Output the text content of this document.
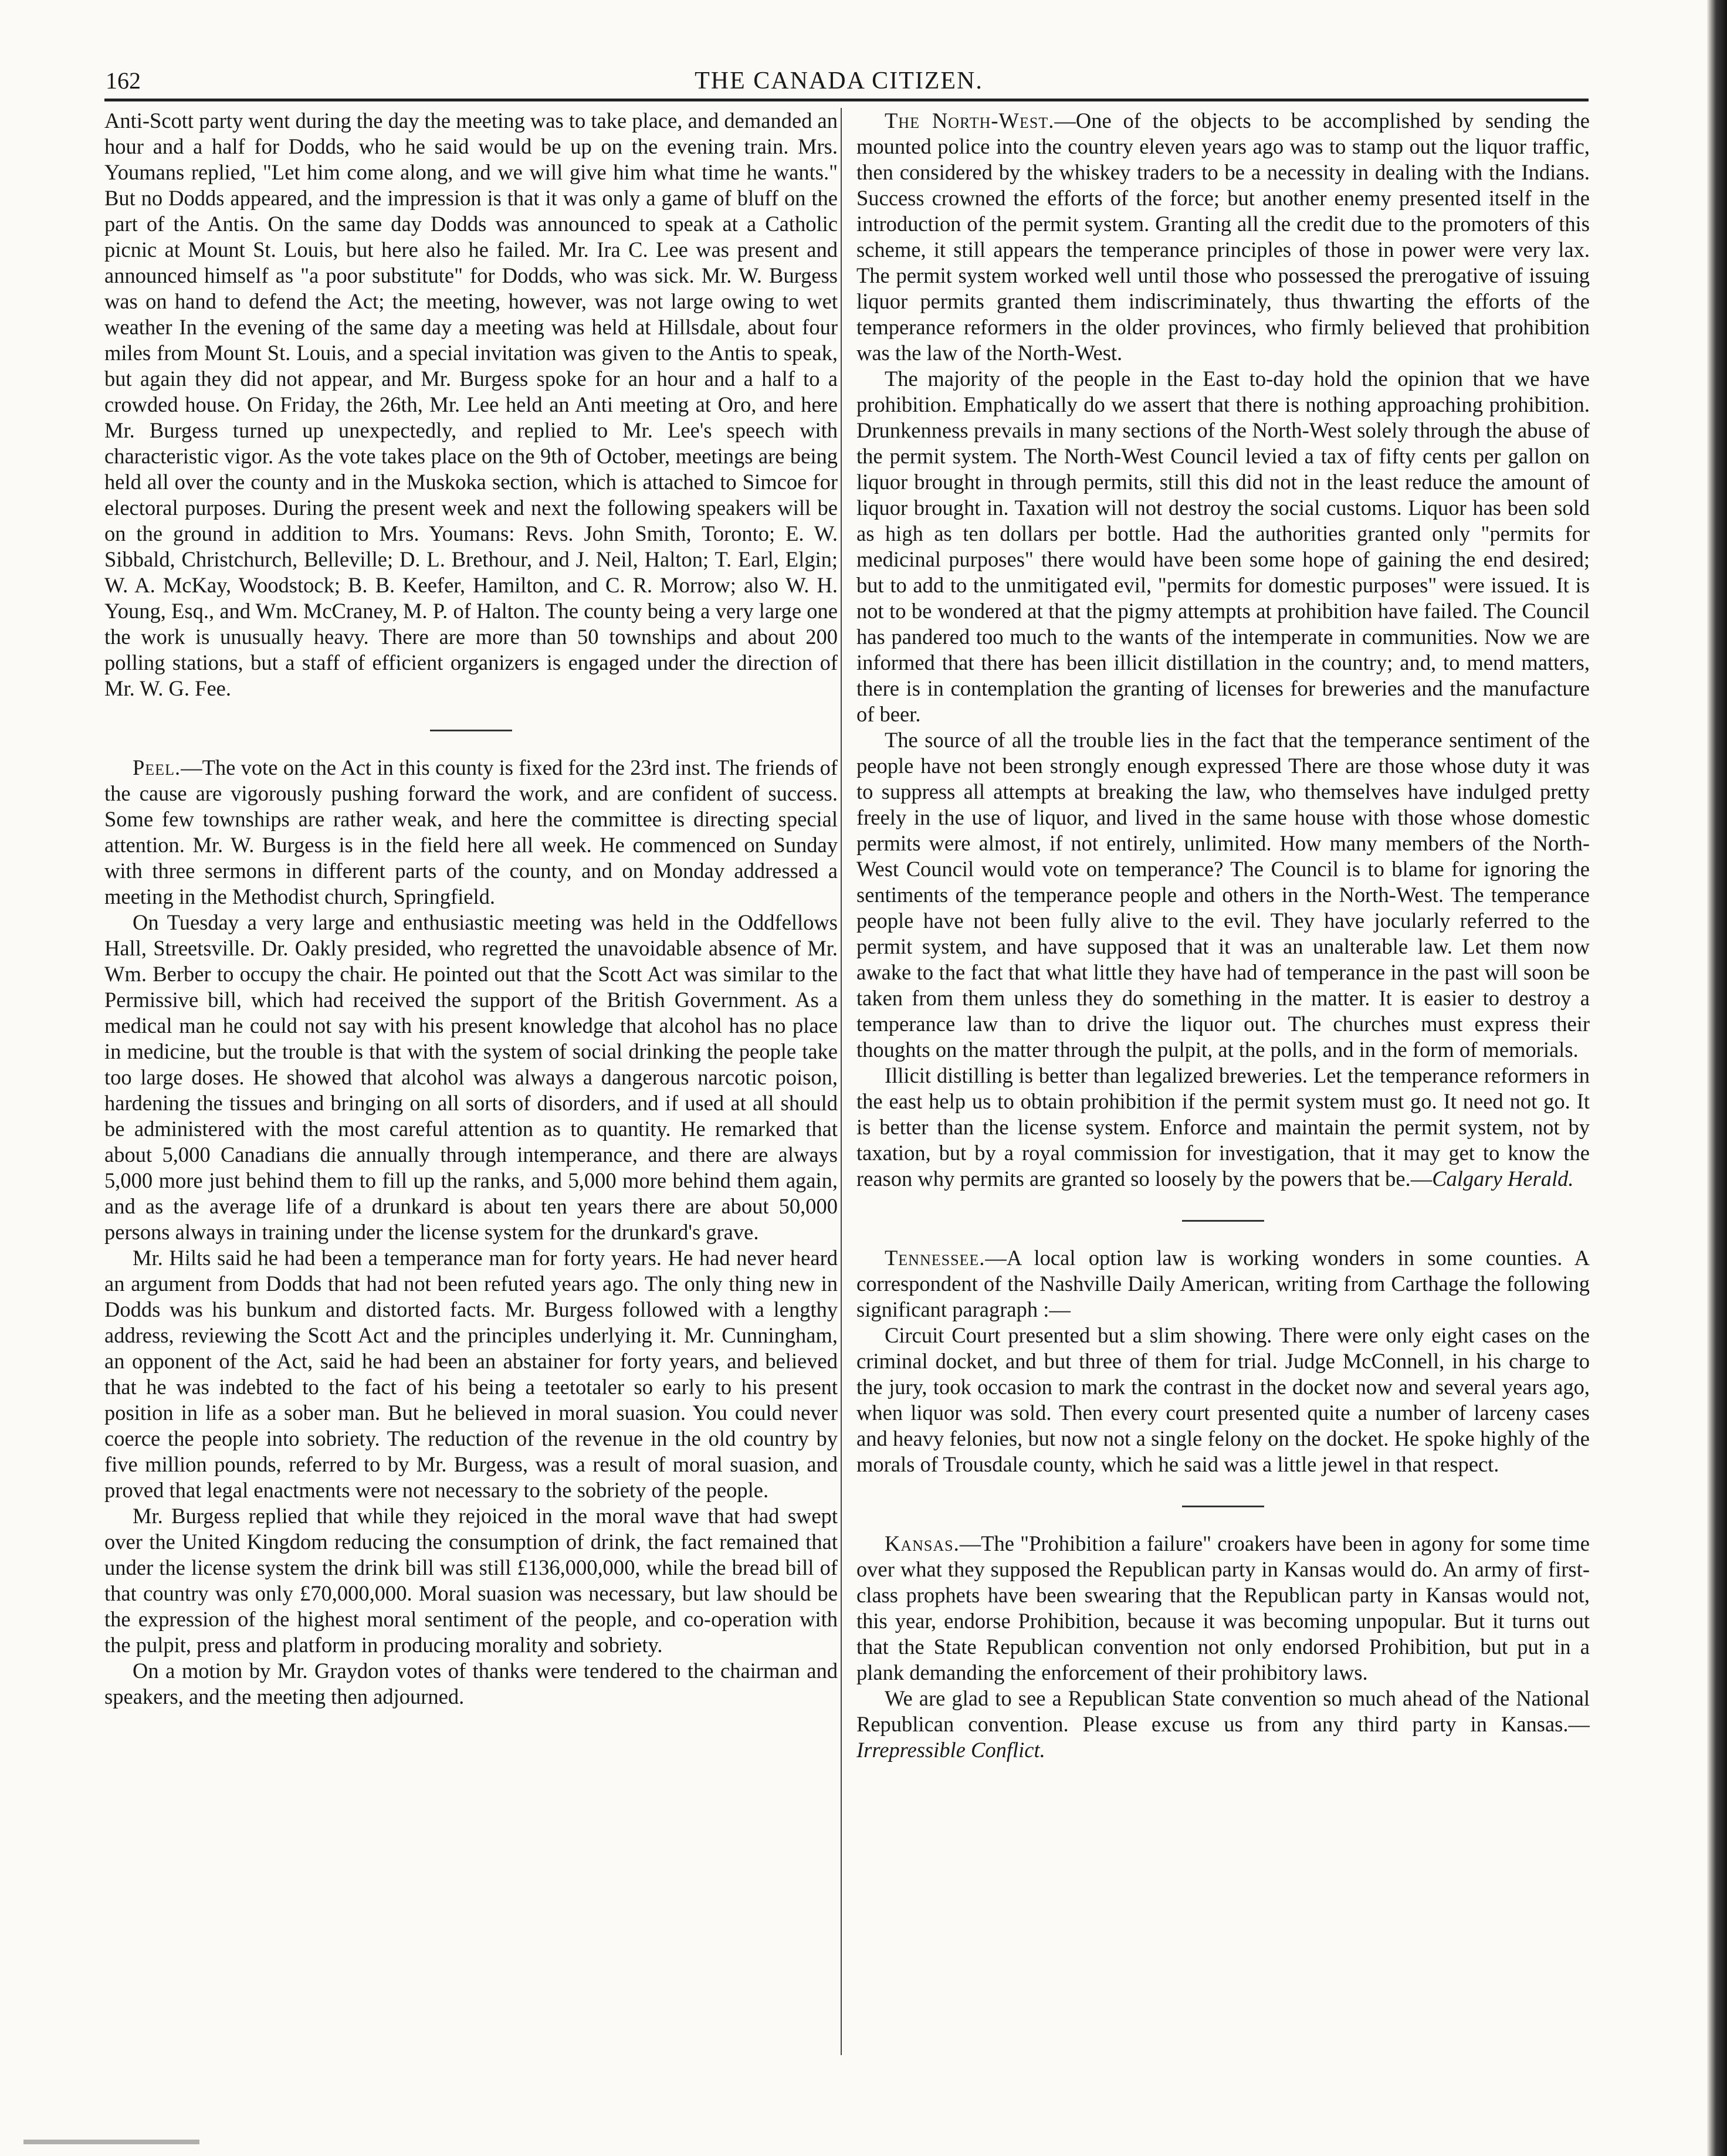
162	THE CANADA CITIZEN.

Anti-Scott party went during the day the meeting was to take place, and demanded an hour and a half for Dodds, who he said would be up on the evening train. Mrs. Youmans replied, "Let him come along, and we will give him what time he wants." But no Dodds appeared, and the impression is that it was only a game of bluff on the part of the Antis. On the same day Dodds was announced to speak at a Catholic picnic at Mount St. Louis, but here also he failed. Mr. Ira C. Lee was present and announced himself as "a poor substitute" for Dodds, who was sick. Mr. W. Burgess was on hand to defend the Act; the meeting, however, was not large owing to wet weather In the evening of the same day a meeting was held at Hillsdale, about four miles from Mount St. Louis, and a special invitation was given to the Antis to speak, but again they did not appear, and Mr. Burgess spoke for an hour and a half to a crowded house. On Friday, the 26th, Mr. Lee held an Anti meeting at Oro, and here Mr. Burgess turned up unexpectedly, and replied to Mr. Lee's speech with characteristic vigor. As the vote takes place on the 9th of October, meetings are being held all over the county and in the Muskoka section, which is attached to Simcoe for electoral purposes. During the present week and next the following speakers will be on the ground in addition to Mrs. Youmans: Revs. John Smith, Toronto; E. W. Sibbald, Christchurch, Belleville; D. L. Brethour, and J. Neil, Halton; T. Earl, Elgin; W. A. McKay, Woodstock; B. B. Keefer, Hamilton, and C. R. Morrow; also W. H. Young, Esq., and Wm. McCraney, M. P. of Halton. The county being a very large one the work is unusually heavy. There are more than 50 townships and about 200 polling stations, but a staff of efficient organizers is engaged under the direction of Mr. W. G. Fee.

Peel.—The vote on the Act in this county is fixed for the 23rd inst. The friends of the cause are vigorously pushing forward the work, and are confident of success. Some few townships are rather weak, and here the committee is directing special attention. Mr. W. Burgess is in the field here all week. He commenced on Sunday with three sermons in different parts of the county, and on Monday addressed a meeting in the Methodist church, Springfield.

On Tuesday a very large and enthusiastic meeting was held in the Oddfellows Hall, Streetsville. Dr. Oakly presided, who regretted the unavoidable absence of Mr. Wm. Berber to occupy the chair. He pointed out that the Scott Act was similar to the Permissive bill, which had received the support of the British Government. As a medical man he could not say with his present knowledge that alcohol has no place in medicine, but the trouble is that with the system of social drinking the people take too large doses. He showed that alcohol was always a dangerous narcotic poison, hardening the tissues and bringing on all sorts of disorders, and if used at all should be administered with the most careful attention as to quantity. He remarked that about 5,000 Canadians die annually through intemperance, and there are always 5,000 more just behind them to fill up the ranks, and 5,000 more behind them again, and as the average life of a drunkard is about ten years there are about 50,000 persons always in training under the license system for the drunkard's grave.

Mr. Hilts said he had been a temperance man for forty years. He had never heard an argument from Dodds that had not been refuted years ago. The only thing new in Dodds was his bunkum and distorted facts. Mr. Burgess followed with a lengthy address, reviewing the Scott Act and the principles underlying it. Mr. Cunningham, an opponent of the Act, said he had been an abstainer for forty years, and believed that he was indebted to the fact of his being a teetotaler so early to his present position in life as a sober man. But he believed in moral suasion. You could never coerce the people into sobriety. The reduction of the revenue in the old country by five million pounds, referred to by Mr. Burgess, was a result of moral suasion, and proved that legal enactments were not necessary to the sobriety of the people.

Mr. Burgess replied that while they rejoiced in the moral wave that had swept over the United Kingdom reducing the consumption of drink, the fact remained that under the license system the drink bill was still £136,000,000, while the bread bill of that country was only £70,000,000. Moral suasion was necessary, but law should be the expression of the highest moral sentiment of the people, and co-operation with the pulpit, press and platform in producing morality and sobriety.

On a motion by Mr. Graydon votes of thanks were tendered to the chairman and speakers, and the meeting then adjourned.

The North-West.—One of the objects to be accomplished by sending the mounted police into the country eleven years ago was to stamp out the liquor traffic, then considered by the whiskey traders to be a necessity in dealing with the Indians. Success crowned the efforts of the force; but another enemy presented itself in the introduction of the permit system. Granting all the credit due to the promoters of this scheme, it still appears the temperance principles of those in power were very lax. The permit system worked well until those who possessed the prerogative of issuing liquor permits granted them indiscriminately, thus thwarting the efforts of the temperance reformers in the older provinces, who firmly believed that prohibition was the law of the North-West.

The majority of the people in the East to-day hold the opinion that we have prohibition. Emphatically do we assert that there is nothing approaching prohibition. Drunkenness prevails in many sections of the North-West solely through the abuse of the permit system. The North-West Council levied a tax of fifty cents per gallon on liquor brought in through permits, still this did not in the least reduce the amount of liquor brought in. Taxation will not destroy the social customs. Liquor has been sold as high as ten dollars per bottle. Had the authorities granted only "permits for medicinal purposes" there would have been some hope of gaining the end desired; but to add to the unmitigated evil, "permits for domestic purposes" were issued. It is not to be wondered at that the pigmy attempts at prohibition have failed. The Council has pandered too much to the wants of the intemperate in communities. Now we are informed that there has been illicit distillation in the country; and, to mend matters, there is in contemplation the granting of licenses for breweries and the manufacture of beer.

The source of all the trouble lies in the fact that the temperance sentiment of the people have not been strongly enough expressed There are those whose duty it was to suppress all attempts at breaking the law, who themselves have indulged pretty freely in the use of liquor, and lived in the same house with those whose domestic permits were almost, if not entirely, unlimited. How many members of the North-West Council would vote on temperance? The Council is to blame for ignoring the sentiments of the temperance people and others in the North-West. The temperance people have not been fully alive to the evil. They have jocularly referred to the permit system, and have supposed that it was an unalterable law. Let them now awake to the fact that what little they have had of temperance in the past will soon be taken from them unless they do something in the matter. It is easier to destroy a temperance law than to drive the liquor out. The churches must express their thoughts on the matter through the pulpit, at the polls, and in the form of memorials.

Illicit distilling is better than legalized breweries. Let the temperance reformers in the east help us to obtain prohibition if the permit system must go. It need not go. It is better than the license system. Enforce and maintain the permit system, not by taxation, but by a royal commission for investigation, that it may get to know the reason why permits are granted so loosely by the powers that be.—Calgary Herald.

Tennessee.—A local option law is working wonders in some counties. A correspondent of the Nashville Daily American, writing from Carthage the following significant paragraph :—

Circuit Court presented but a slim showing. There were only eight cases on the criminal docket, and but three of them for trial. Judge McConnell, in his charge to the jury, took occasion to mark the contrast in the docket now and several years ago, when liquor was sold. Then every court presented quite a number of larceny cases and heavy felonies, but now not a single felony on the docket. He spoke highly of the morals of Trousdale county, which he said was a little jewel in that respect.

Kansas.—The "Prohibition a failure" croakers have been in agony for some time over what they supposed the Republican party in Kansas would do. An army of first-class prophets have been swearing that the Republican party in Kansas would not, this year, endorse Prohibition, because it was becoming unpopular. But it turns out that the State Republican convention not only endorsed Prohibition, but put in a plank demanding the enforcement of their prohibitory laws.

We are glad to see a Republican State convention so much ahead of the National Republican convention. Please excuse us from any third party in Kansas.—Irrepressible Conflict.
